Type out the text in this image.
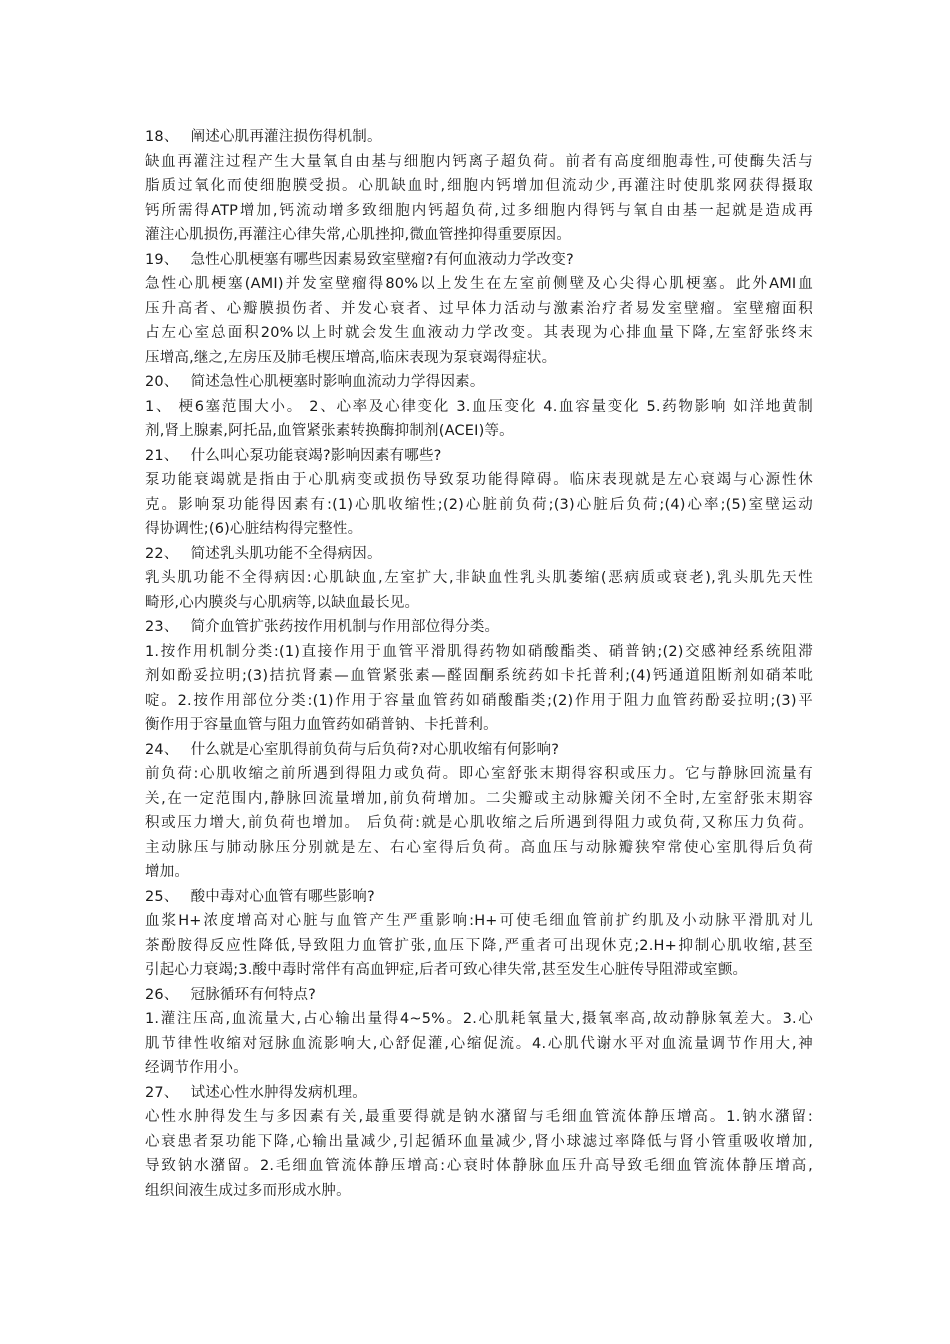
18、 阐述心肌再灌注损伤得机制。
缺血再灌注过程产生大量氧自由基与细胞内钙离子超负荷。前者有高度细胞毒性,可使酶失活与
脂质过氧化而使细胞膜受损。心肌缺血时,细胞内钙增加但流动少,再灌注时使肌浆网获得摄取
钙所需得ATP增加,钙流动增多致细胞内钙超负荷,过多细胞内得钙与氧自由基一起就是造成再
灌注心肌损伤,再灌注心律失常,心肌挫抑,微血管挫抑得重要原因。
19、 急性心肌梗塞有哪些因素易致室壁瘤?有何血液动力学改变?
急性心肌梗塞(AMI)并发室壁瘤得80%以上发生在左室前侧壁及心尖得心肌梗塞。此外AMI血
压升高者、心瓣膜损伤者、并发心衰者、过早体力活动与激素治疗者易发室壁瘤。室壁瘤面积
占左心室总面积20%以上时就会发生血液动力学改变。其表现为心排血量下降,左室舒张终末
压增高,继之,左房压及肺毛楔压增高,临床表现为泵衰竭得症状。
20、 简述急性心肌梗塞时影响血流动力学得因素。
1、 梗6塞范围大小。 2、心率及心律变化 3.血压变化 4.血容量变化 5.药物影响 如洋地黄制
剂,肾上腺素,阿托品,血管紧张素转换酶抑制剂(ACEI)等。
21、 什么叫心泵功能衰竭?影响因素有哪些?
泵功能衰竭就是指由于心肌病变或损伤导致泵功能得障碍。临床表现就是左心衰竭与心源性休
克。影响泵功能得因素有:(1)心肌收缩性;(2)心脏前负荷;(3)心脏后负荷;(4)心率;(5)室壁运动
得协调性;(6)心脏结构得完整性。
22、 简述乳头肌功能不全得病因。
乳头肌功能不全得病因:心肌缺血,左室扩大,非缺血性乳头肌萎缩(恶病质或衰老),乳头肌先天性
畸形,心内膜炎与心肌病等,以缺血最长见。
23、 简介血管扩张药按作用机制与作用部位得分类。
1.按作用机制分类:(1)直接作用于血管平滑肌得药物如硝酸酯类、硝普钠;(2)交感神经系统阻滞
剂如酚妥拉明;(3)拮抗肾素—血管紧张素—醛固酮系统药如卡托普利;(4)钙通道阻断剂如硝苯吡
啶。2.按作用部位分类:(1)作用于容量血管药如硝酸酯类;(2)作用于阻力血管药酚妥拉明;(3)平
衡作用于容量血管与阻力血管药如硝普钠、卡托普利。
24、 什么就是心室肌得前负荷与后负荷?对心肌收缩有何影响?
前负荷:心肌收缩之前所遇到得阻力或负荷。即心室舒张末期得容积或压力。它与静脉回流量有
关,在一定范围内,静脉回流量增加,前负荷增加。二尖瓣或主动脉瓣关闭不全时,左室舒张末期容
积或压力增大,前负荷也增加。 后负荷:就是心肌收缩之后所遇到得阻力或负荷,又称压力负荷。
主动脉压与肺动脉压分别就是左、右心室得后负荷。高血压与动脉瓣狭窄常使心室肌得后负荷
增加。
25、 酸中毒对心血管有哪些影响?
血浆H+浓度增高对心脏与血管产生严重影响:H+可使毛细血管前扩约肌及小动脉平滑肌对儿
茶酚胺得反应性降低,导致阻力血管扩张,血压下降,严重者可出现休克;2.H+抑制心肌收缩,甚至
引起心力衰竭;3.酸中毒时常伴有高血钾症,后者可致心律失常,甚至发生心脏传导阻滞或室颤。
26、 冠脉循环有何特点?
1.灌注压高,血流量大,占心输出量得4~5%。2.心肌耗氧量大,摄氧率高,故动静脉氧差大。3.心
肌节律性收缩对冠脉血流影响大,心舒促灌,心缩促流。4.心肌代谢水平对血流量调节作用大,神
经调节作用小。
27、 试述心性水肿得发病机理。
心性水肿得发生与多因素有关,最重要得就是钠水潴留与毛细血管流体静压增高。1.钠水潴留:
心衰患者泵功能下降,心输出量减少,引起循环血量减少,肾小球滤过率降低与肾小管重吸收增加,
导致钠水潴留。2.毛细血管流体静压增高:心衰时体静脉血压升高导致毛细血管流体静压增高,
组织间液生成过多而形成水肿。
